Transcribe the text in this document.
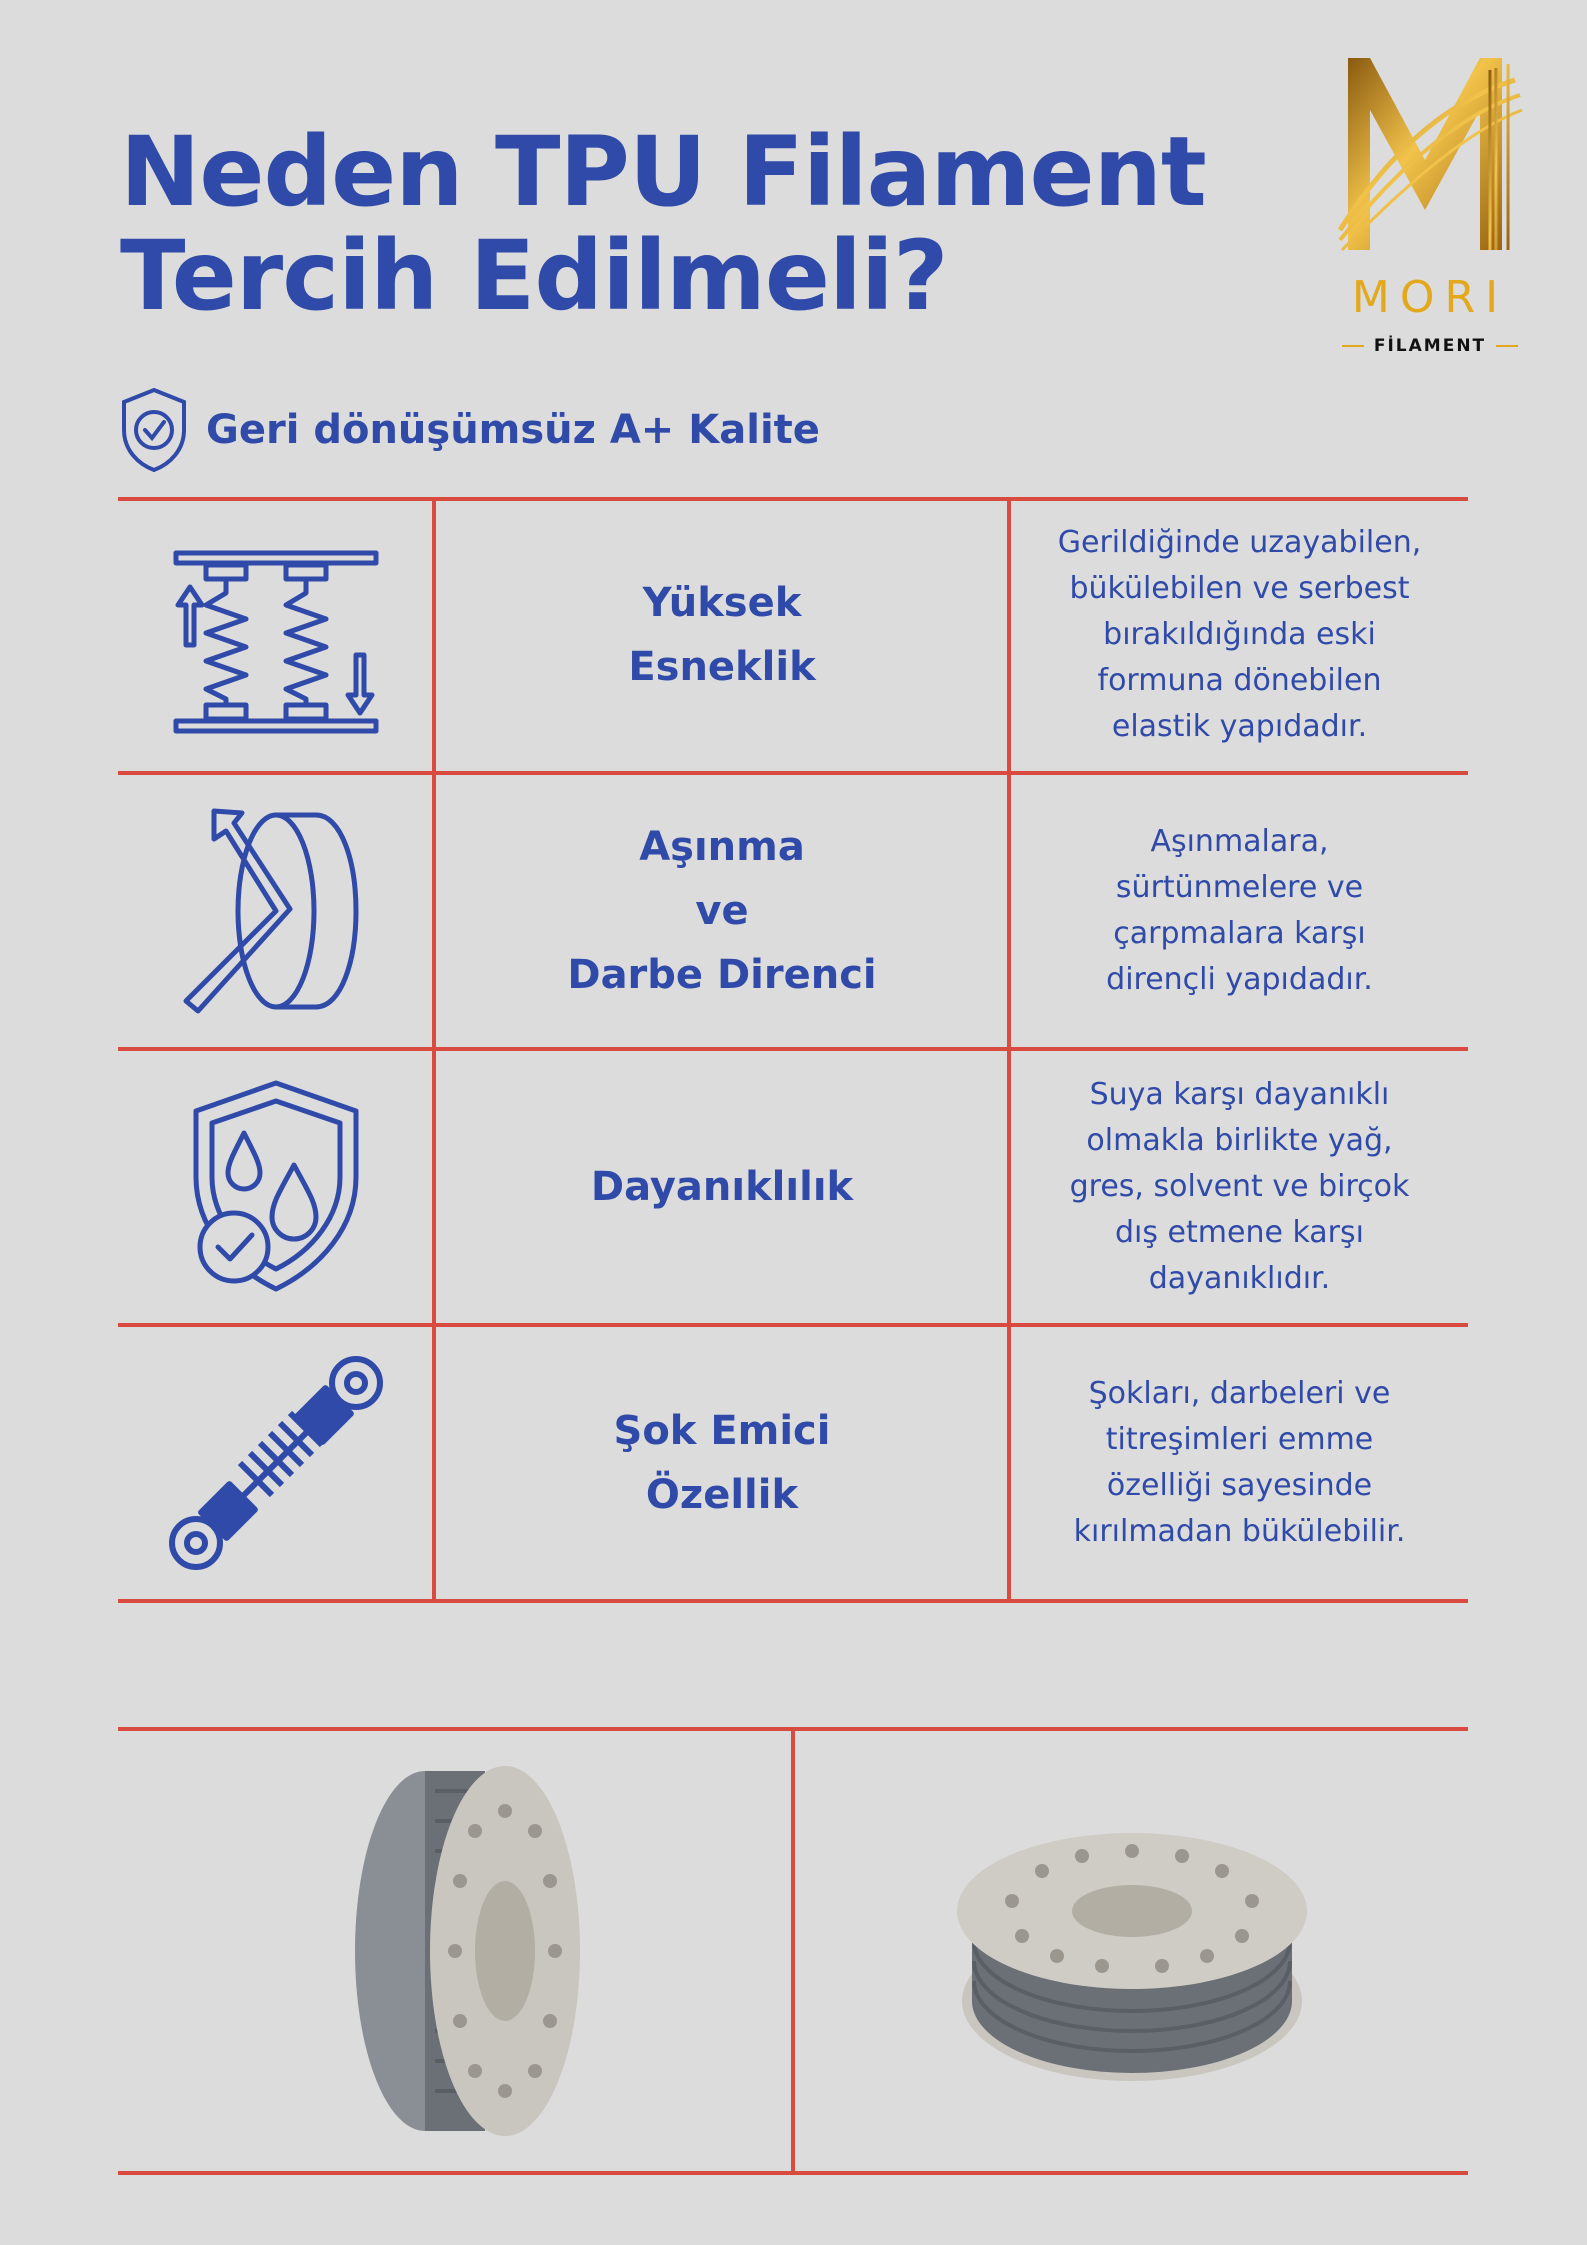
Neden TPU Filament
Tercih Edilmeli?	MORI
FİLAMENT
Geri dönüşümsüz A+ Kalite
Yüksek
Esneklik
Gerildiğinde uzayabilen,
bükülebilen ve serbest
bırakıldığında eski
formuna dönebilen
elastik yapıdadır.
Aşınma
ve
Darbe Direnci
Aşınmalara,
sürtünmelere ve
çarpmalara karşı
dirençli yapıdadır.
Dayanıklılık
Suya karşı dayanıklı
olmakla birlikte yağ,
gres, solvent ve birçok
dış etmene karşı
dayanıklıdır.
Şok Emici
Özellik
Şokları, darbeleri ve
titreşimleri emme
özelliği sayesinde
kırılmadan bükülebilir.
